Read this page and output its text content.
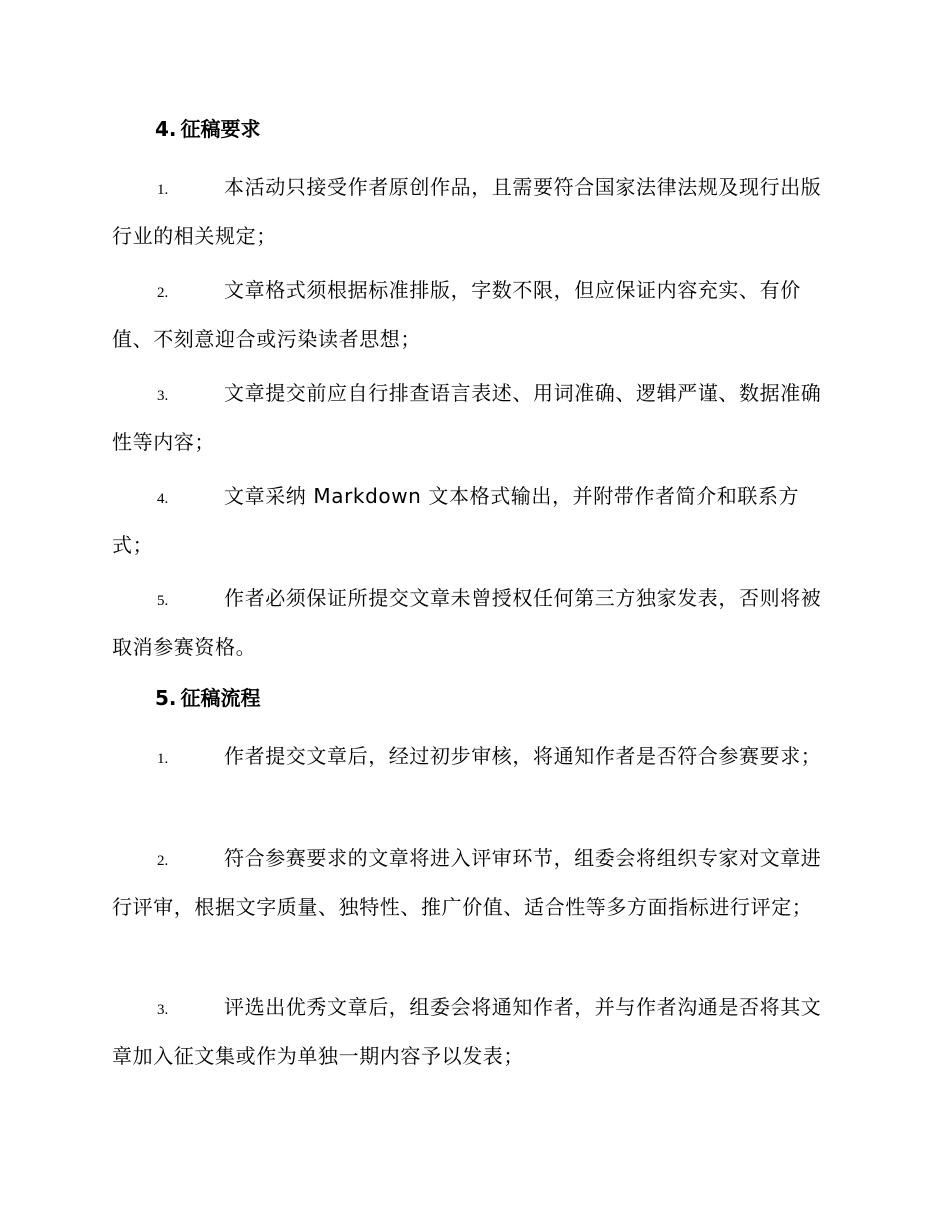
4. 征稿要求
1.	本活动只接受作者原创作品，且需要符合国家法律法规及现行出版行业的相关规定；
2.	文章格式须根据标准排版，字数不限，但应保证内容充实、有价值、不刻意迎合或污染读者思想；
3.	文章提交前应自行排查语言表述、用词准确、逻辑严谨、数据准确性等内容；
4.	文章采纳 Markdown 文本格式输出，并附带作者简介和联系方式；
5.	作者必须保证所提交文章未曾授权任何第三方独家发表，否则将被取消参赛资格。
5. 征稿流程
1.	作者提交文章后，经过初步审核，将通知作者是否符合参赛要求；
2.	符合参赛要求的文章将进入评审环节，组委会将组织专家对文章进行评审，根据文字质量、独特性、推广价值、适合性等多方面指标进行评定；
3.	评选出优秀文章后，组委会将通知作者，并与作者沟通是否将其文章加入征文集或作为单独一期内容予以发表；
